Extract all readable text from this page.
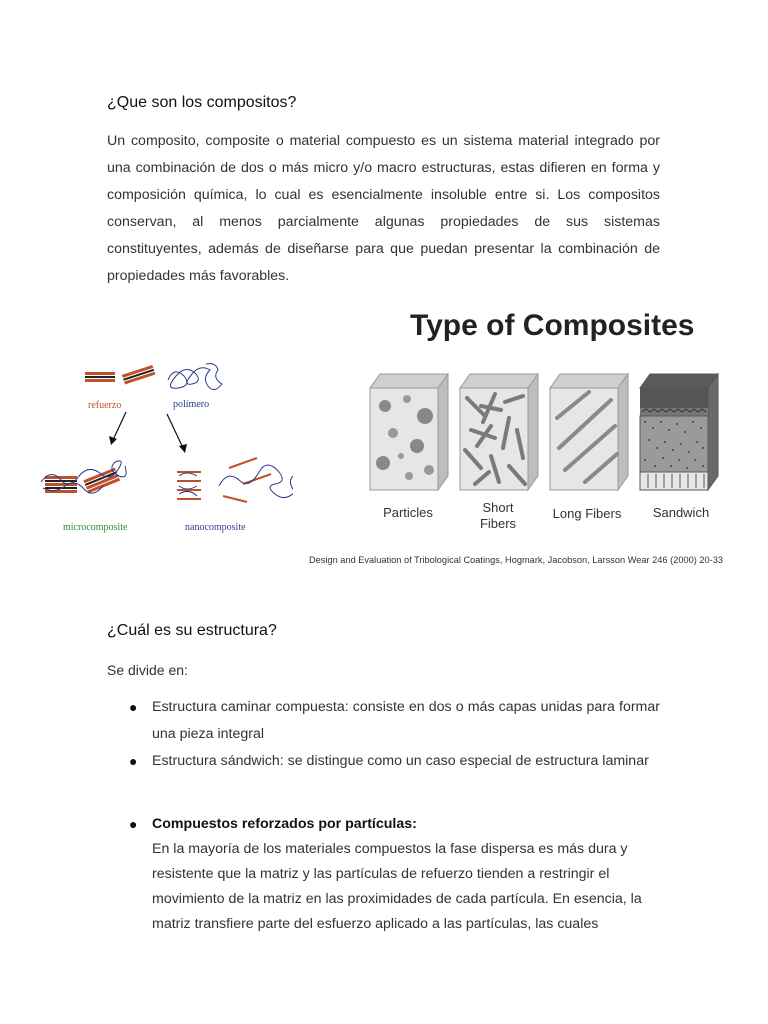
¿Que son los compositos?

Un composito, composite o material compuesto es un sistema material integrado por una combinación de dos o más micro y/o macro estructuras, estas difieren en forma y composición química, lo cual es esencialmente insoluble entre si. Los compositos conservan, al menos parcialmente algunas propiedades de sus sistemas constituyentes, además de diseñarse para que puedan presentar la combinación de propiedades más favorables.

refuerzo	polímero
microcomposite	nanocomposite
Type of Composites
Particles	Short Fibers
Long Fibers Sandwich
Design and Evaluation of Tribological Coatings, Hogmark, Jacobson, Larsson Wear 246 (2000) 20-33
¿Cuál es su estructura?

Se divide en:

● Estructura caminar compuesta: consiste en dos o más capas unidas para formar una pieza integral
● Estructura sándwich: se distingue como un caso especial de estructura laminar
● Compuestos reforzados por partículas:
En la mayoría de los materiales compuestos la fase dispersa es más dura y resistente que la matriz y las partículas de refuerzo tienden a restringir el movimiento de la matriz en las proximidades de cada partícula. En esencia, la matriz transfiere parte del esfuerzo aplicado a las partículas, las cuales
